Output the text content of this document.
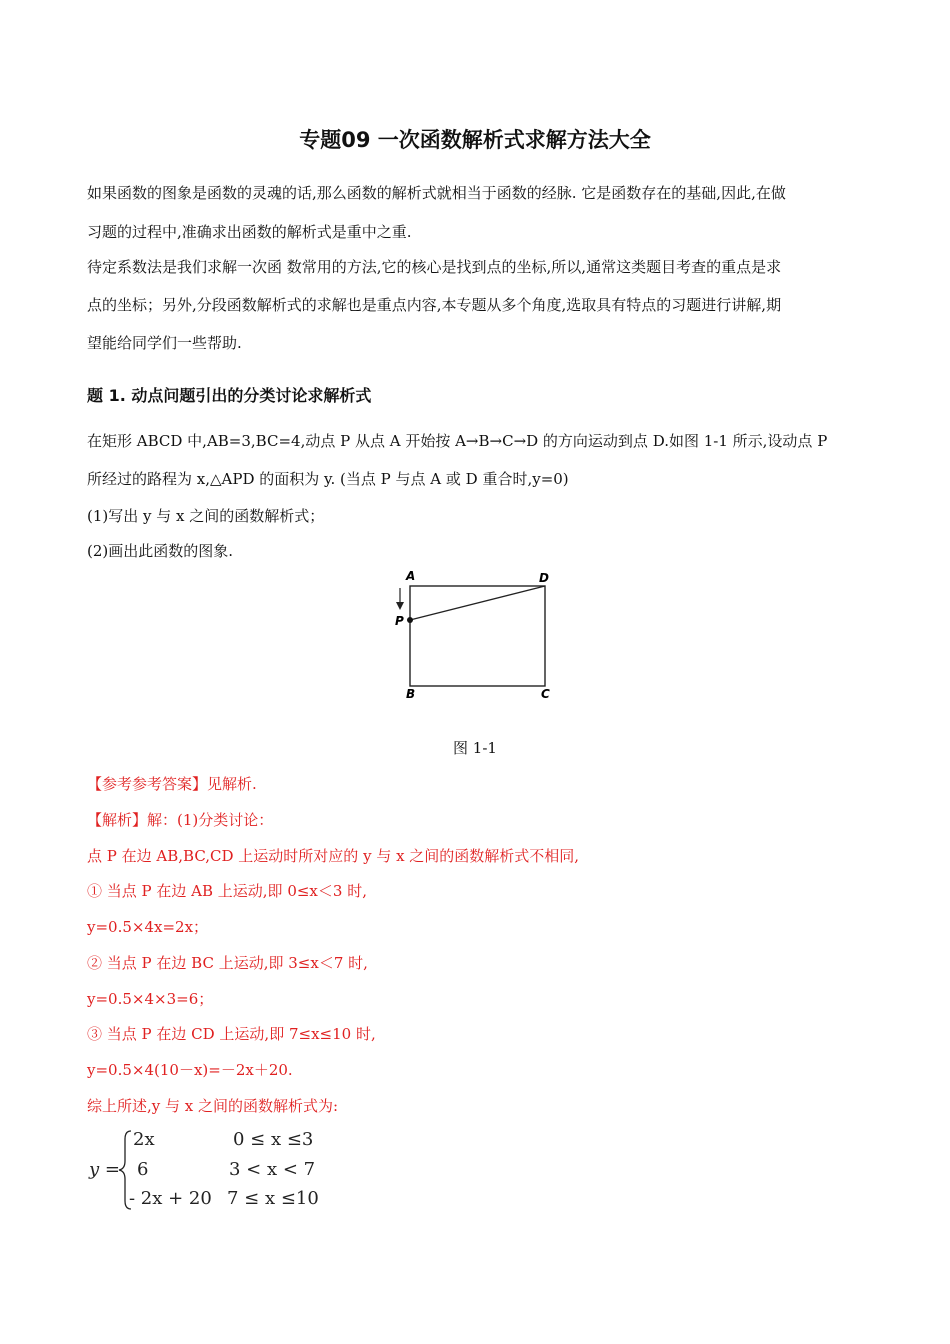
专题09 一次函数解析式求解方法大全
如果函数的图象是函数的灵魂的话,那么函数的解析式就相当于函数的经脉. 它是函数存在的基础,因此,在做
习题的过程中,准确求出函数的解析式是重中之重.
待定系数法是我们求解一次函 数常用的方法,它的核心是找到点的坐标,所以,通常这类题目考查的重点是求
点的坐标；另外,分段函数解析式的求解也是重点内容,本专题从多个角度,选取具有特点的习题进行讲解,期
望能给同学们一些帮助.
题 1. 动点问题引出的分类讨论求解析式
在矩形 ABCD 中,AB=3,BC=4,动点 P 从点 A 开始按 A→B→C→D 的方向运动到点 D.如图 1-1 所示,设动点 P
所经过的路程为 x,△APD 的面积为 y. (当点 P 与点 A 或 D 重合时,y=0)
(1)写出 y 与 x 之间的函数解析式；
(2)画出此函数的图象.
A	D
P
B	C
图 1-1
【参考参考答案】见解析.
【解析】解：(1)分类讨论：
点 P 在边 AB,BC,CD 上运动时所对应的 y 与 x 之间的函数解析式不相同,
① 当点 P 在边 AB 上运动,即 0≤x＜3 时,
y=0.5×4x=2x；
② 当点 P 在边 BC 上运动,即 3≤x＜7 时,
y=0.5×4×3=6；
③ 当点 P 在边 CD 上运动,即 7≤x≤10 时,
y=0.5×4(10－x)=－2x＋20.
综上所述,y 与 x 之间的函数解析式为:
y =
2x	0 ≤ x ≤3
6	3 < x < 7
- 2x + 20 7 ≤ x ≤10
